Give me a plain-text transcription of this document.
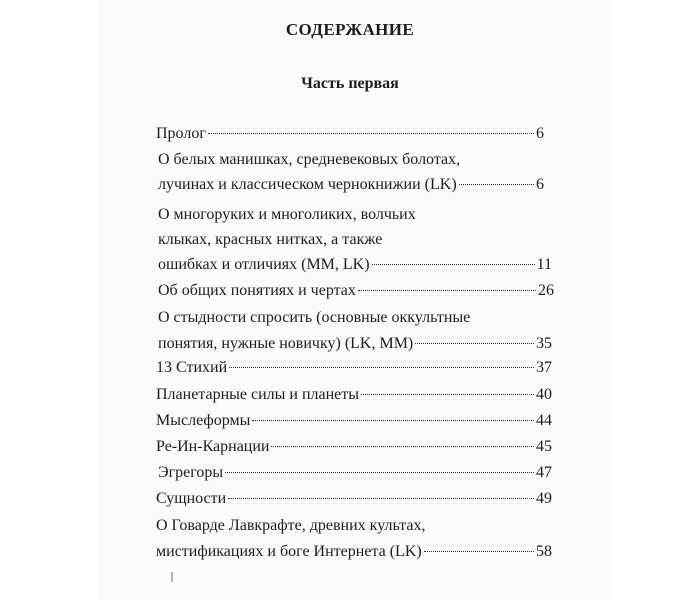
СОДЕРЖАНИЕ
Часть первая
Пролог	6
О белых манишках, средневековых болотах,
лучинах и классическом чернокнижии (LK)	6
О многоруких и многоликих, волчьих
клыках, красных нитках, а также
ошибках и отличиях (MM, LK)	11
Об общих понятиях и чертах	26
О стыдности спросить (основные оккультные
понятия, нужные новичку) (LK, MM)	35
13 Стихий	37
Планетарные силы и планеты	40
Мыслеформы	44
Ре-Ин-Карнации	45
Эгрегоры	47
Сущности	49
О Говарде Лавкрафте, древних культах,
мистификациях и боге Интернета (LK)	58
